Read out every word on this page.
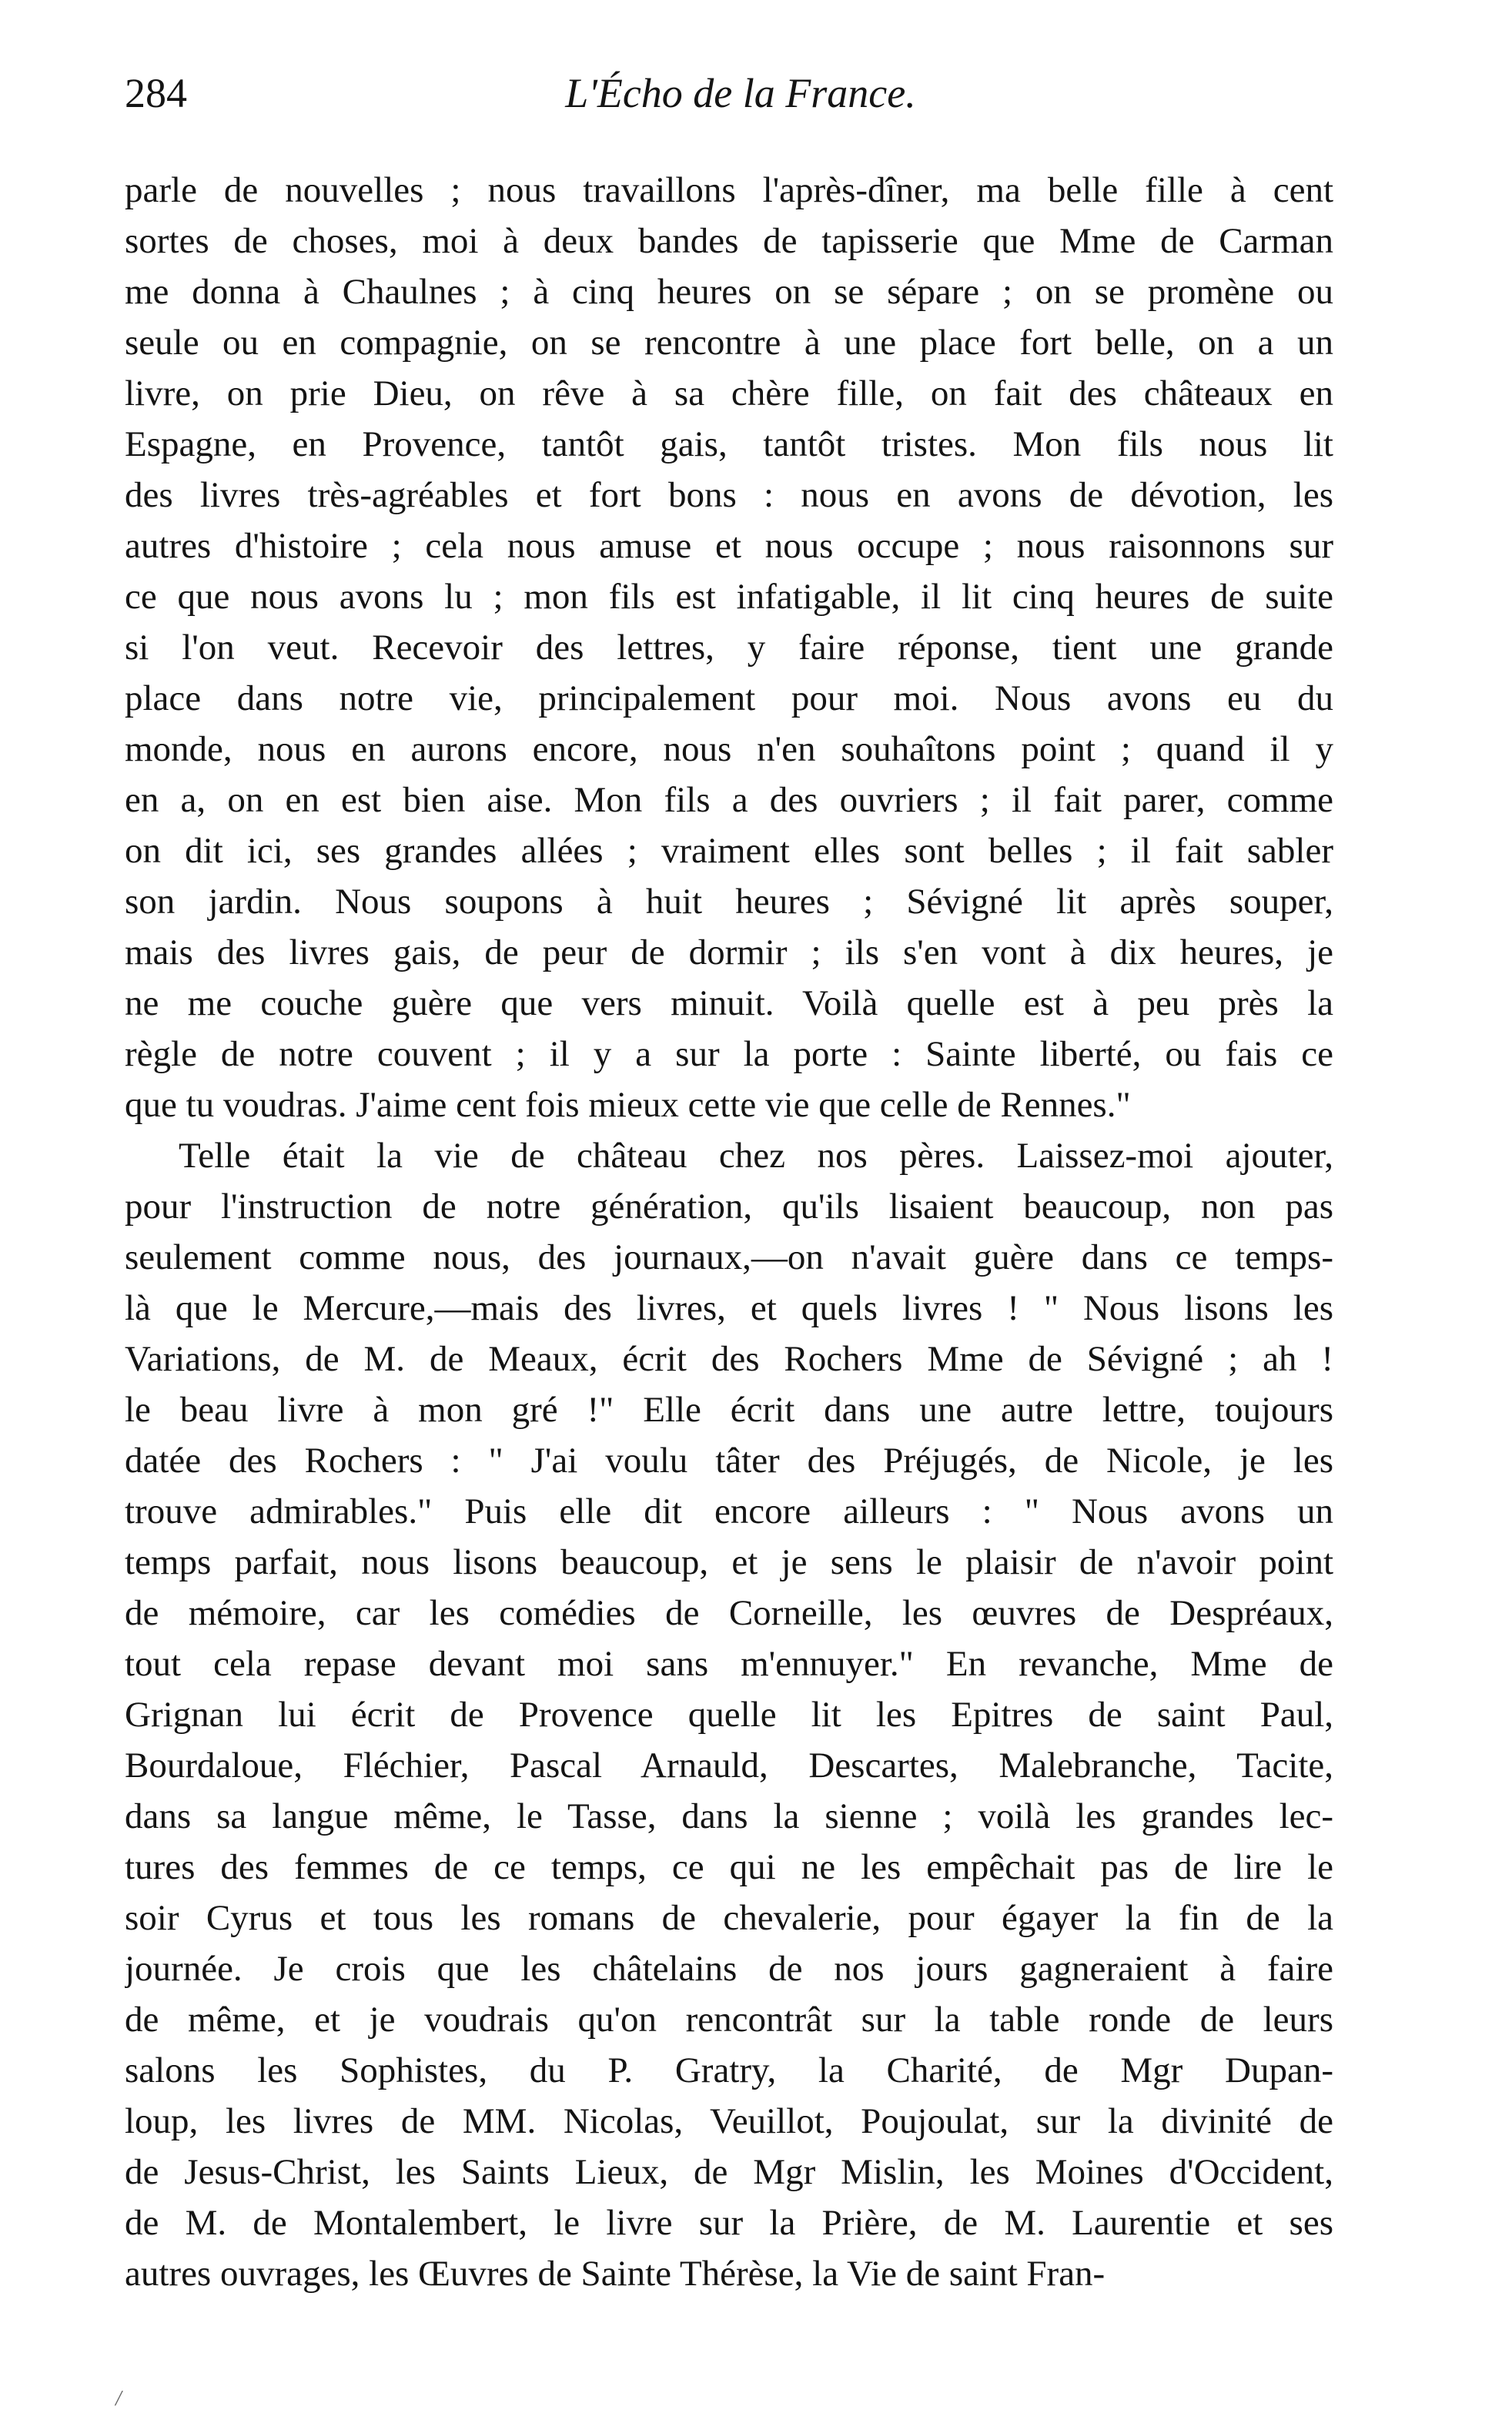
284	L'Écho de la France.
parle de nouvelles ; nous travaillons l'après-dîner, ma belle fille à cent
sortes de choses, moi à deux bandes de tapisserie que Mme de Carman
me donna à Chaulnes ; à cinq heures on se sépare ; on se promène ou
seule ou en compagnie, on se rencontre à une place fort belle, on a un
livre, on prie Dieu, on rêve à sa chère fille, on fait des châteaux en
Espagne, en Provence, tantôt gais, tantôt tristes. Mon fils nous lit
des livres très-agréables et fort bons : nous en avons de dévotion, les
autres d'histoire ; cela nous amuse et nous occupe ; nous raisonnons sur
ce que nous avons lu ; mon fils est infatigable, il lit cinq heures de suite
si l'on veut. Recevoir des lettres, y faire réponse, tient une grande
place dans notre vie, principalement pour moi. Nous avons eu du
monde, nous en aurons encore, nous n'en souhaîtons point ; quand il y
en a, on en est bien aise. Mon fils a des ouvriers ; il fait parer, comme
on dit ici, ses grandes allées ; vraiment elles sont belles ; il fait sabler
son jardin. Nous soupons à huit heures ; Sévigné lit après souper,
mais des livres gais, de peur de dormir ; ils s'en vont à dix heures, je
ne me couche guère que vers minuit. Voilà quelle est à peu près la
règle de notre couvent ; il y a sur la porte : Sainte liberté, ou fais ce
que tu voudras. J'aime cent fois mieux cette vie que celle de Rennes."
Telle était la vie de château chez nos pères. Laissez-moi ajouter,
pour l'instruction de notre génération, qu'ils lisaient beaucoup, non pas
seulement comme nous, des journaux,—on n'avait guère dans ce temps-
là que le Mercure,—mais des livres, et quels livres ! " Nous lisons les
Variations, de M. de Meaux, écrit des Rochers Mme de Sévigné ; ah !
le beau livre à mon gré !" Elle écrit dans une autre lettre, toujours
datée des Rochers : " J'ai voulu tâter des Préjugés, de Nicole, je les
trouve admirables." Puis elle dit encore ailleurs : " Nous avons un
temps parfait, nous lisons beaucoup, et je sens le plaisir de n'avoir point
de mémoire, car les comédies de Corneille, les œuvres de Despréaux,
tout cela repase devant moi sans m'ennuyer." En revanche, Mme de
Grignan lui écrit de Provence quelle lit les Epitres de saint Paul,
Bourdaloue, Fléchier, Pascal Arnauld, Descartes, Malebranche, Tacite,
dans sa langue même, le Tasse, dans la sienne ; voilà les grandes lec-
tures des femmes de ce temps, ce qui ne les empêchait pas de lire le
soir Cyrus et tous les romans de chevalerie, pour égayer la fin de la
journée. Je crois que les châtelains de nos jours gagneraient à faire
de même, et je voudrais qu'on rencontrât sur la table ronde de leurs
salons les Sophistes, du P. Gratry, la Charité, de Mgr Dupan-
loup, les livres de MM. Nicolas, Veuillot, Poujoulat, sur la divinité de
de Jesus-Christ, les Saints Lieux, de Mgr Mislin, les Moines d'Occident,
de M. de Montalembert, le livre sur la Prière, de M. Laurentie et ses
autres ouvrages, les Œuvres de Sainte Thérèse, la Vie de saint Fran-
/
